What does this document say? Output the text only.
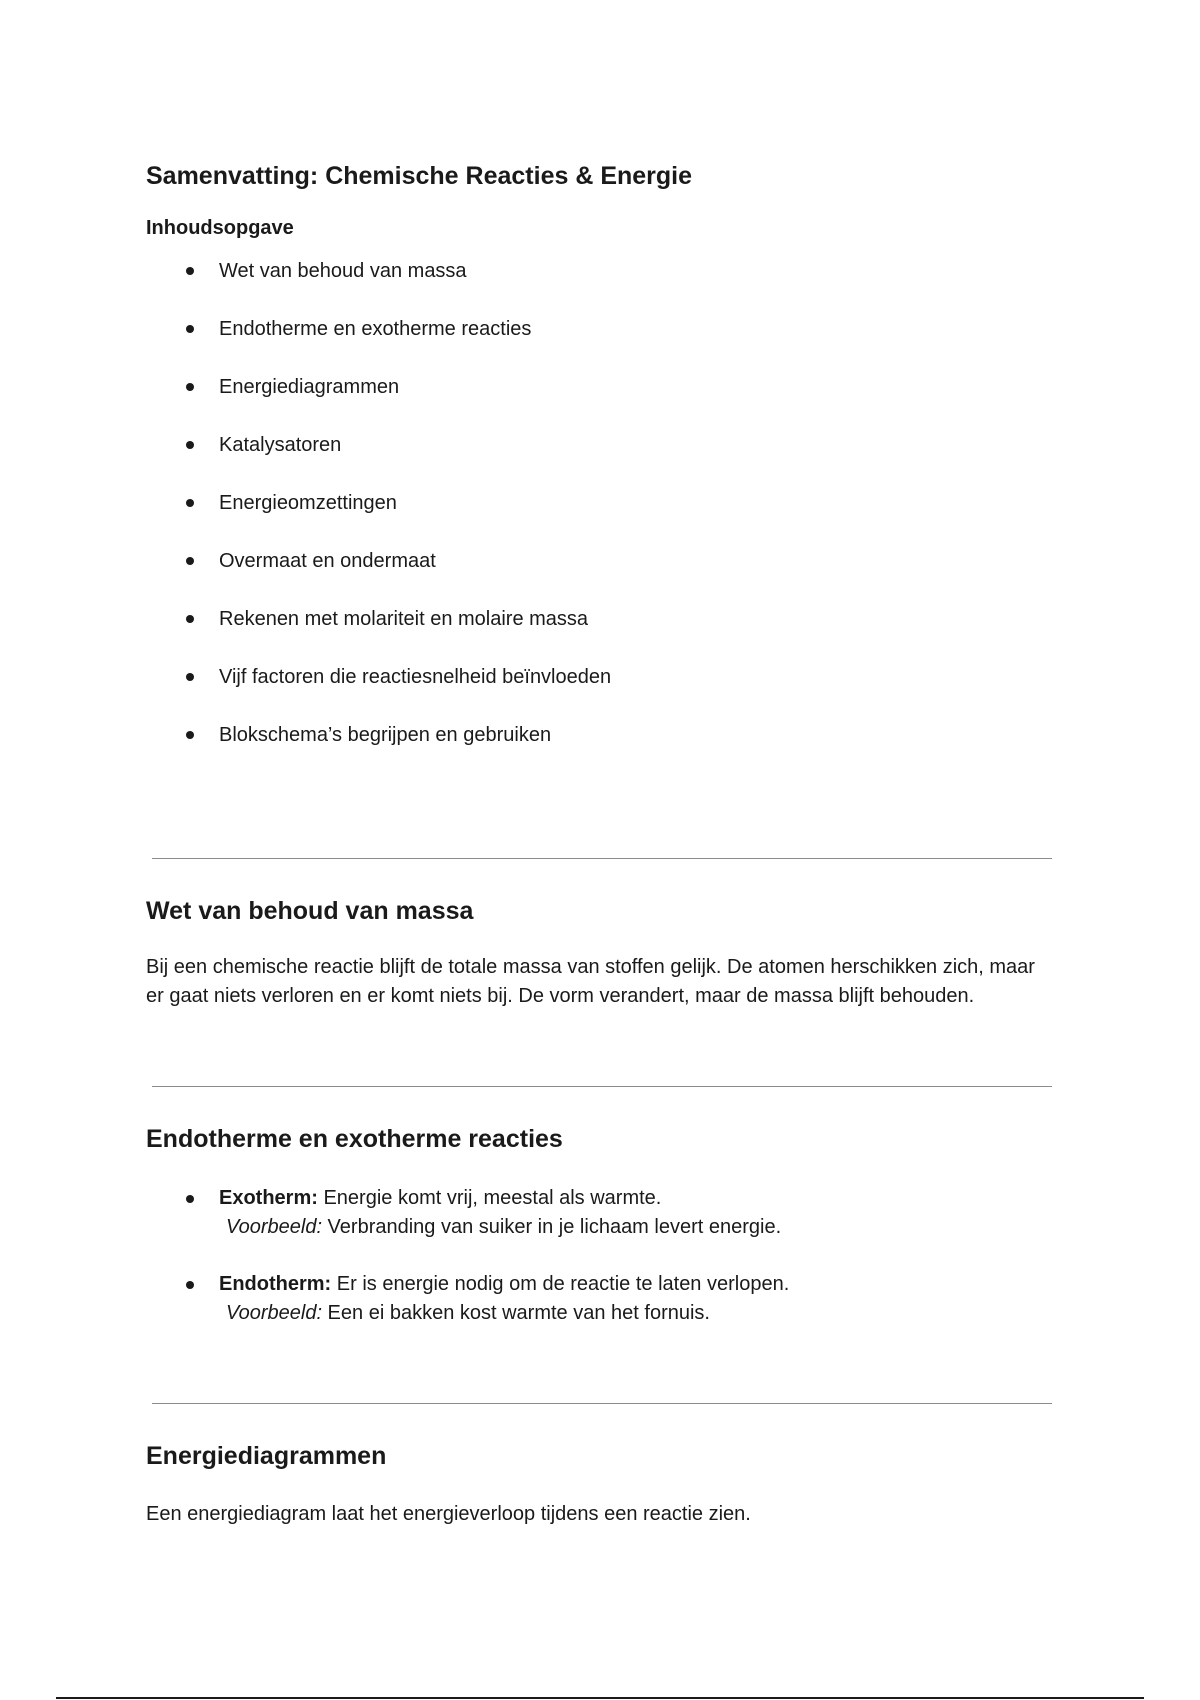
Samenvatting: Chemische Reacties & Energie
Inhoudsopgave
Wet van behoud van massa
Endotherme en exotherme reacties
Energiediagrammen
Katalysatoren
Energieomzettingen
Overmaat en ondermaat
Rekenen met molariteit en molaire massa
Vijf factoren die reactiesnelheid beïnvloeden
Blokschema’s begrijpen en gebruiken
Wet van behoud van massa

Bij een chemische reactie blijft de totale massa van stoffen gelijk. De atomen herschikken zich, maar er gaat niets verloren en er komt niets bij. De vorm verandert, maar de massa blijft behouden.

Endotherme en exotherme reacties
Exotherm: Energie komt vrij, meestal als warmte.
Voorbeeld: Verbranding van suiker in je lichaam levert energie.
Endotherm: Er is energie nodig om de reactie te laten verlopen.
Voorbeeld: Een ei bakken kost warmte van het fornuis.
Energiediagrammen

Een energiediagram laat het energieverloop tijdens een reactie zien.
